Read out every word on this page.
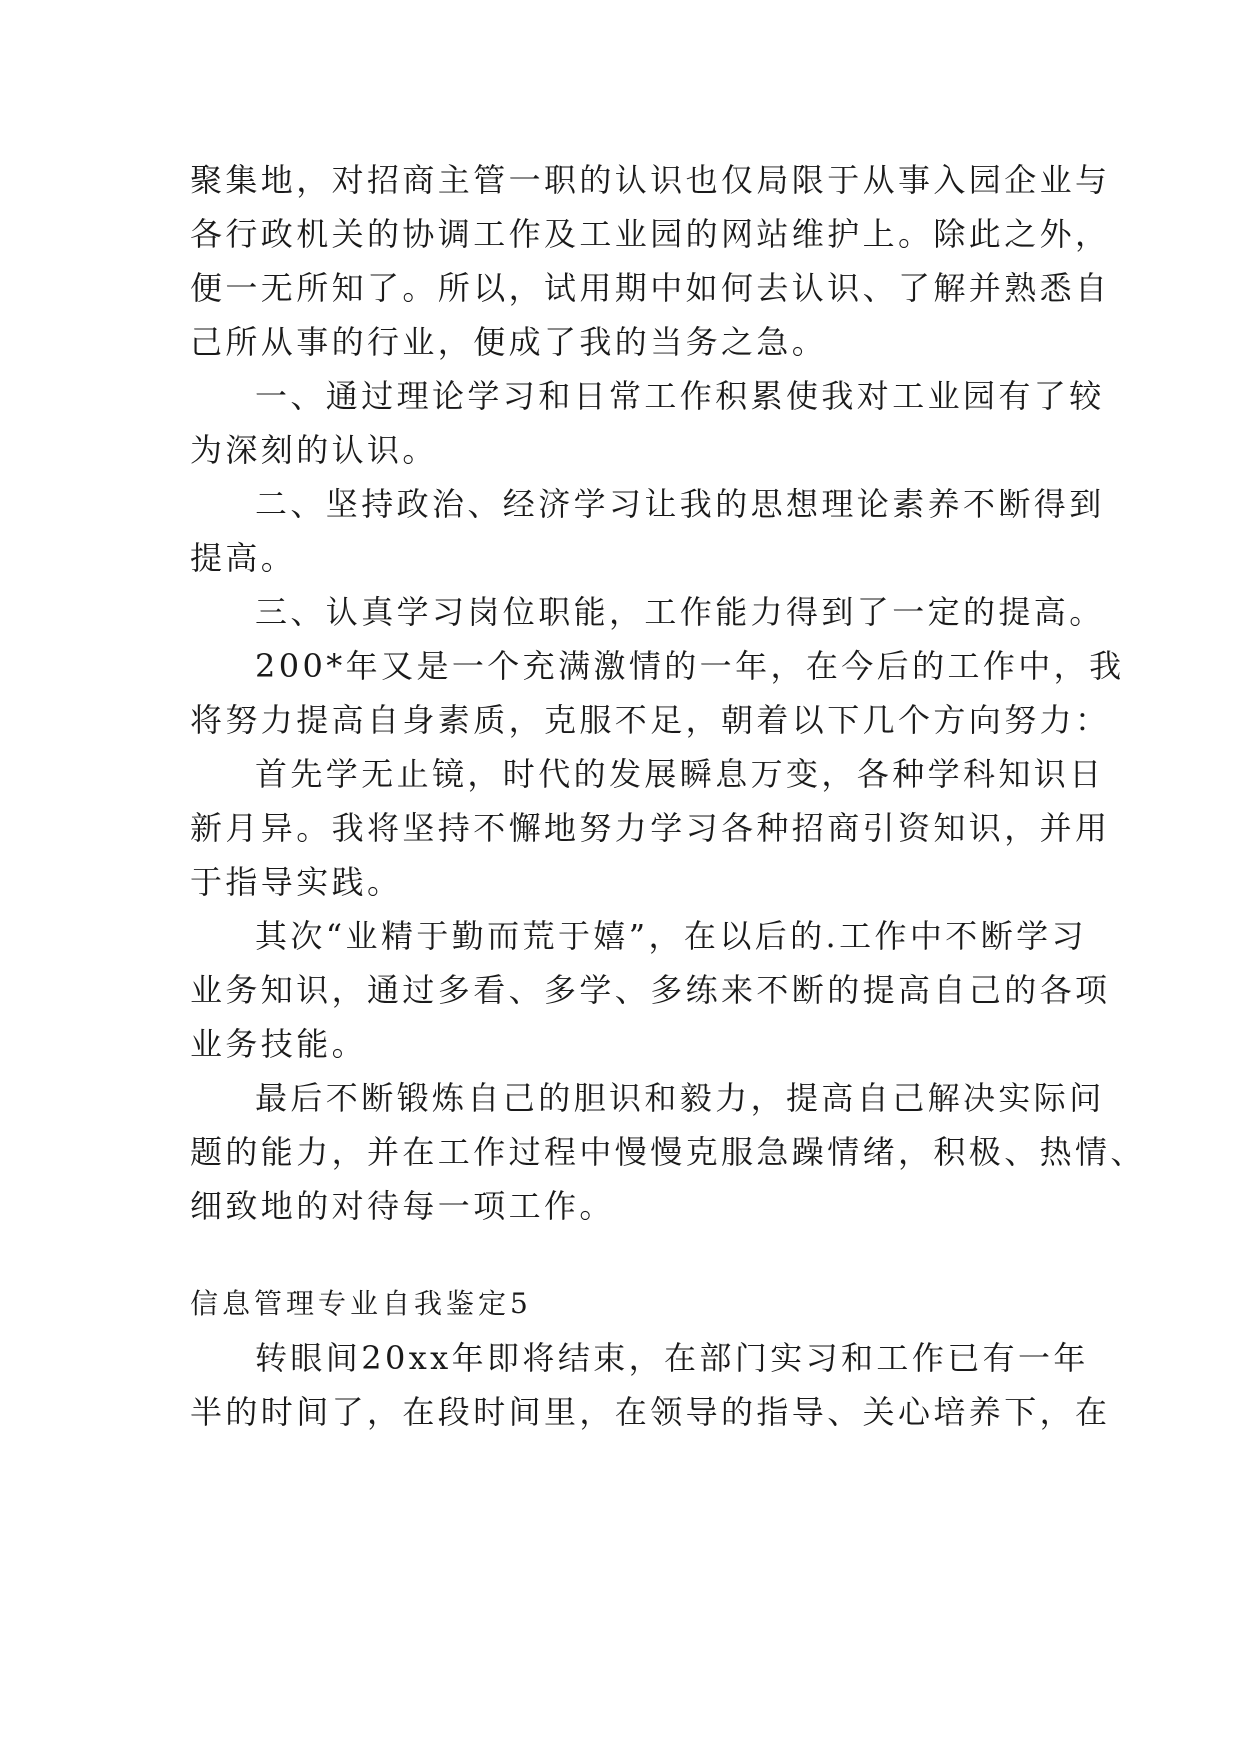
聚集地，对招商主管一职的认识也仅局限于从事入园企业与
各行政机关的协调工作及工业园的网站维护上。除此之外，
便一无所知了。所以，试用期中如何去认识、了解并熟悉自
己所从事的行业，便成了我的当务之急。
一、通过理论学习和日常工作积累使我对工业园有了较
为深刻的认识。
二、坚持政治、经济学习让我的思想理论素养不断得到
提高。
三、认真学习岗位职能，工作能力得到了一定的提高。
200*年又是一个充满激情的一年，在今后的工作中，我
将努力提高自身素质，克服不足，朝着以下几个方向努力：
首先学无止镜，时代的发展瞬息万变，各种学科知识日
新月异。我将坚持不懈地努力学习各种招商引资知识，并用
于指导实践。
其次“业精于勤而荒于嬉”，在以后的.工作中不断学习
业务知识，通过多看、多学、多练来不断的提高自己的各项
业务技能。
最后不断锻炼自己的胆识和毅力，提高自己解决实际问
题的能力，并在工作过程中慢慢克服急躁情绪，积极、热情、
细致地的对待每一项工作。
信息管理专业自我鉴定5
转眼间20xx年即将结束，在部门实习和工作已有一年
半的时间了，在段时间里，在领导的指导、关心培养下，在
